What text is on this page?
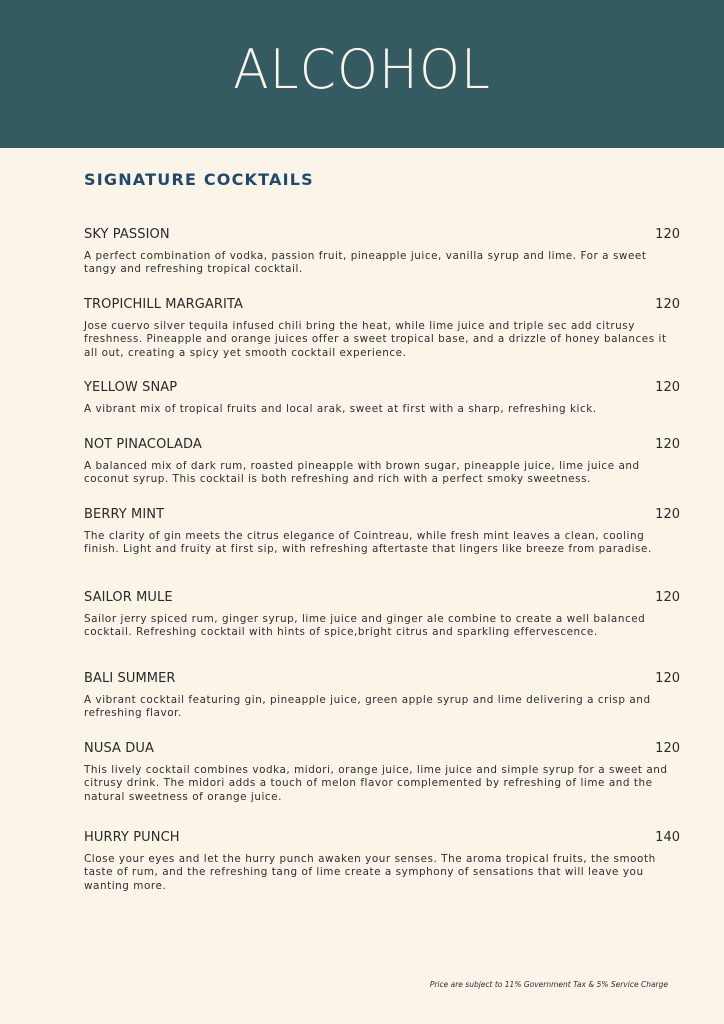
ALCOHOL
SIGNATURE COCKTAILS
SKY PASSION	120
A perfect combination of vodka, passion fruit, pineapple juice, vanilla syrup and lime. For a sweet tangy and refreshing tropical cocktail.
TROPICHILL MARGARITA	120
Jose cuervo silver tequila infused chili bring the heat, while lime juice and triple sec add citrusy freshness. Pineapple and orange juices offer a sweet tropical base, and a drizzle of honey balances it all out, creating a spicy yet smooth cocktail experience.
YELLOW SNAP	120
A vibrant mix of tropical fruits and local arak, sweet at first with a sharp, refreshing kick.
NOT PINACOLADA	120
A balanced mix of dark rum, roasted pineapple with brown sugar, pineapple juice, lime juice and coconut syrup. This cocktail is both refreshing and rich with a perfect smoky sweetness.
BERRY MINT	120
The clarity of gin meets the citrus elegance of Cointreau, while fresh mint leaves a clean, cooling finish. Light and fruity at first sip, with refreshing aftertaste that lingers like breeze from paradise.
SAILOR MULE	120
Sailor jerry spiced rum, ginger syrup, lime juice and ginger ale combine to create a well balanced cocktail. Refreshing cocktail with hints of spice,bright citrus and sparkling effervescence.
BALI SUMMER	120
A vibrant cocktail featuring gin, pineapple juice, green apple syrup and lime delivering a crisp and refreshing flavor.
NUSA DUA	120
This lively cocktail combines vodka, midori, orange juice, lime juice and simple syrup for a sweet and citrusy drink. The midori adds a touch of melon flavor complemented by refreshing of lime and the natural sweetness of orange juice.
HURRY PUNCH	140
Close your eyes and let the hurry punch awaken your senses. The aroma tropical fruits, the smooth taste of rum, and the refreshing tang of lime create a symphony of sensations that will leave you wanting more.
Price are subject to 11% Government Tax & 5% Service Charge
